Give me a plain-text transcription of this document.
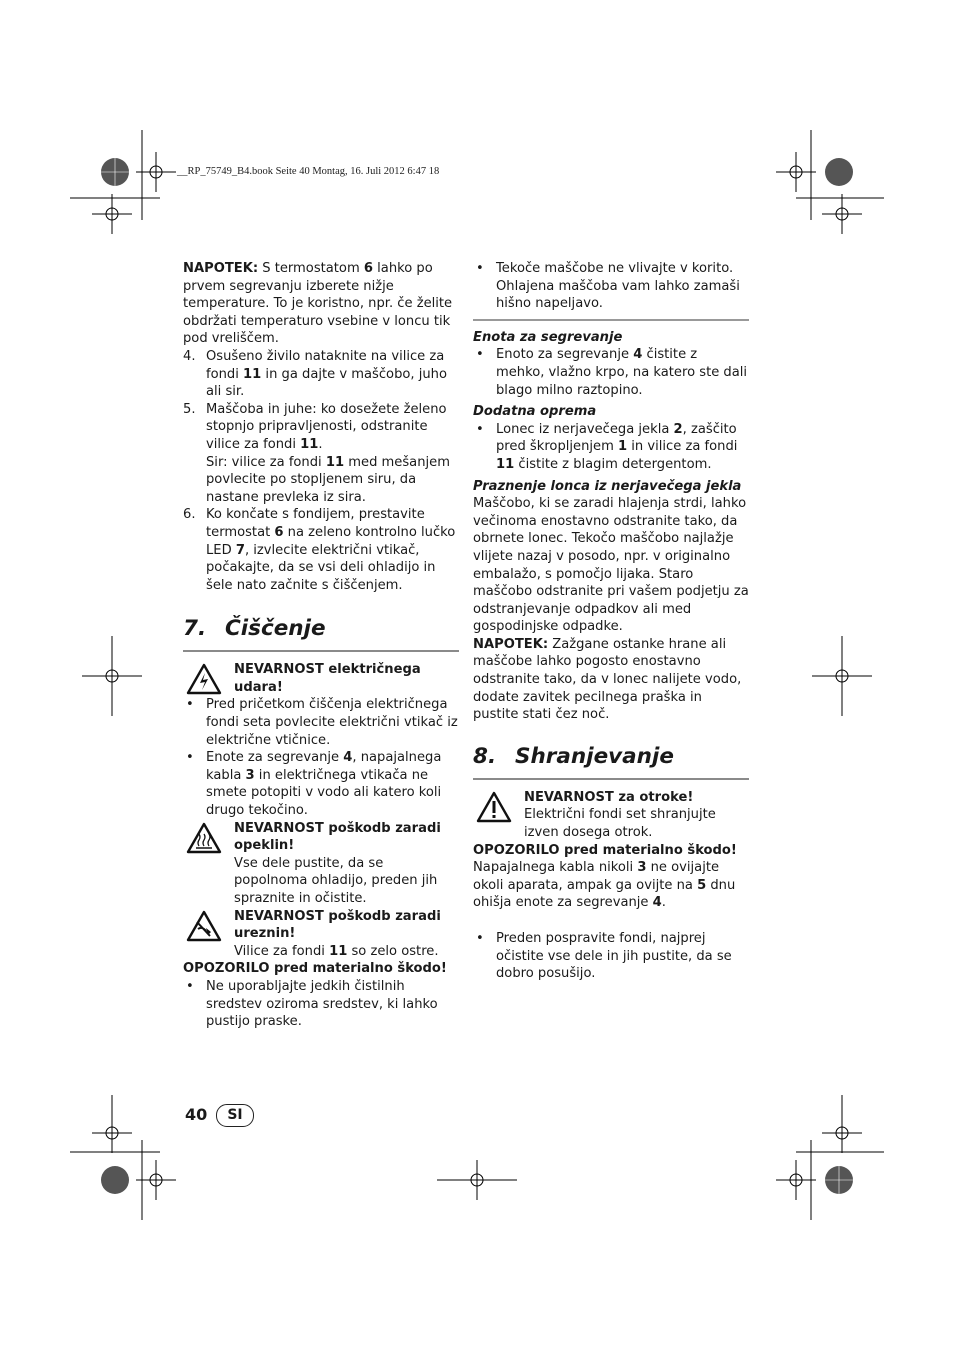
__RP_75749_B4.book Seite 40 Montag, 16. Juli 2012 6:47 18

NAPOTEK: S termostatom 6 lahko po prvem segrevanju izberete nižje temperature. To je koristno, npr. če želite obdržati temperaturo vsebine v loncu tik pod vreliščem.

4. Osušeno živilo nataknite na vilice za fondi 11 in ga dajte v maščobo, juho ali sir.
5. Maščoba in juhe: ko dosežete želeno stopnjo pripravljenosti, odstranite vilice za fondi 11.
Sir: vilice za fondi 11 med mešanjem povlecite po stopljenem siru, da nastane prevleka iz sira.
6. Ko končate s fondijem, prestavite termostat 6 na zeleno kontrolno lučko LED 7, izvlecite električni vtikač, počakajte, da se vsi deli ohladijo in šele nato začnite s čiščenjem.
7. Čiščenje
NEVARNOST električnega udara!
• Pred pričetkom čiščenja električnega fondi seta povlecite električni vtikač iz električne vtičnice.
• Enote za segrevanje 4, napajalnega kabla 3 in električnega vtikača ne smete potopiti v vodo ali katero koli drugo tekočino.
NEVARNOST poškodb zaradi opeklin!
Vse dele pustite, da se popolnoma ohladijo, preden jih spraznite in očistite.
NEVARNOST poškodb zaradi ureznin!
Vilice za fondi 11 so zelo ostre.
OPOZORILO pred materialno škodo!
• Ne uporabljajte jedkih čistilnih sredstev oziroma sredstev, ki lahko pustijo praske.
• Tekoče maščobe ne vlivajte v korito. Ohlajena maščoba vam lahko zamaši hišno napeljavo.
Enota za segrevanje
• Enoto za segrevanje 4 čistite z mehko, vlažno krpo, na katero ste dali blago milno raztopino.
Dodatna oprema
• Lonec iz nerjavečega jekla 2, zaščito pred škropljenjem 1 in vilice za fondi 11 čistite z blagim detergentom.
Praznenje lonca iz nerjavečega jekla

Maščobo, ki se zaradi hlajenja strdi, lahko večinoma enostavno odstranite tako, da obrnete lonec. Tekočo maščobo najlažje vlijete nazaj v posodo, npr. v originalno embalažo, s pomočjo lijaka. Staro maščobo odstranite pri vašem podjetju za odstranjevanje odpadkov ali med gospodinjske odpadke.

NAPOTEK: Zažgane ostanke hrane ali maščobe lahko pogosto enostavno odstranite tako, da v lonec nalijete vodo, dodate zavitek pecilnega praška in pustite stati čez noč.

8. Shranjevanje
NEVARNOST za otroke!
Električni fondi set shranjujte izven dosega otrok.
OPOZORILO pred materialno škodo!

Napajalnega kabla nikoli 3 ne ovijajte okoli aparata, ampak ga ovijte na 5 dnu ohišja enote za segrevanje 4.

• Preden pospravite fondi, najprej očistite vse dele in jih pustite, da se dobro posušijo.
40	SI
